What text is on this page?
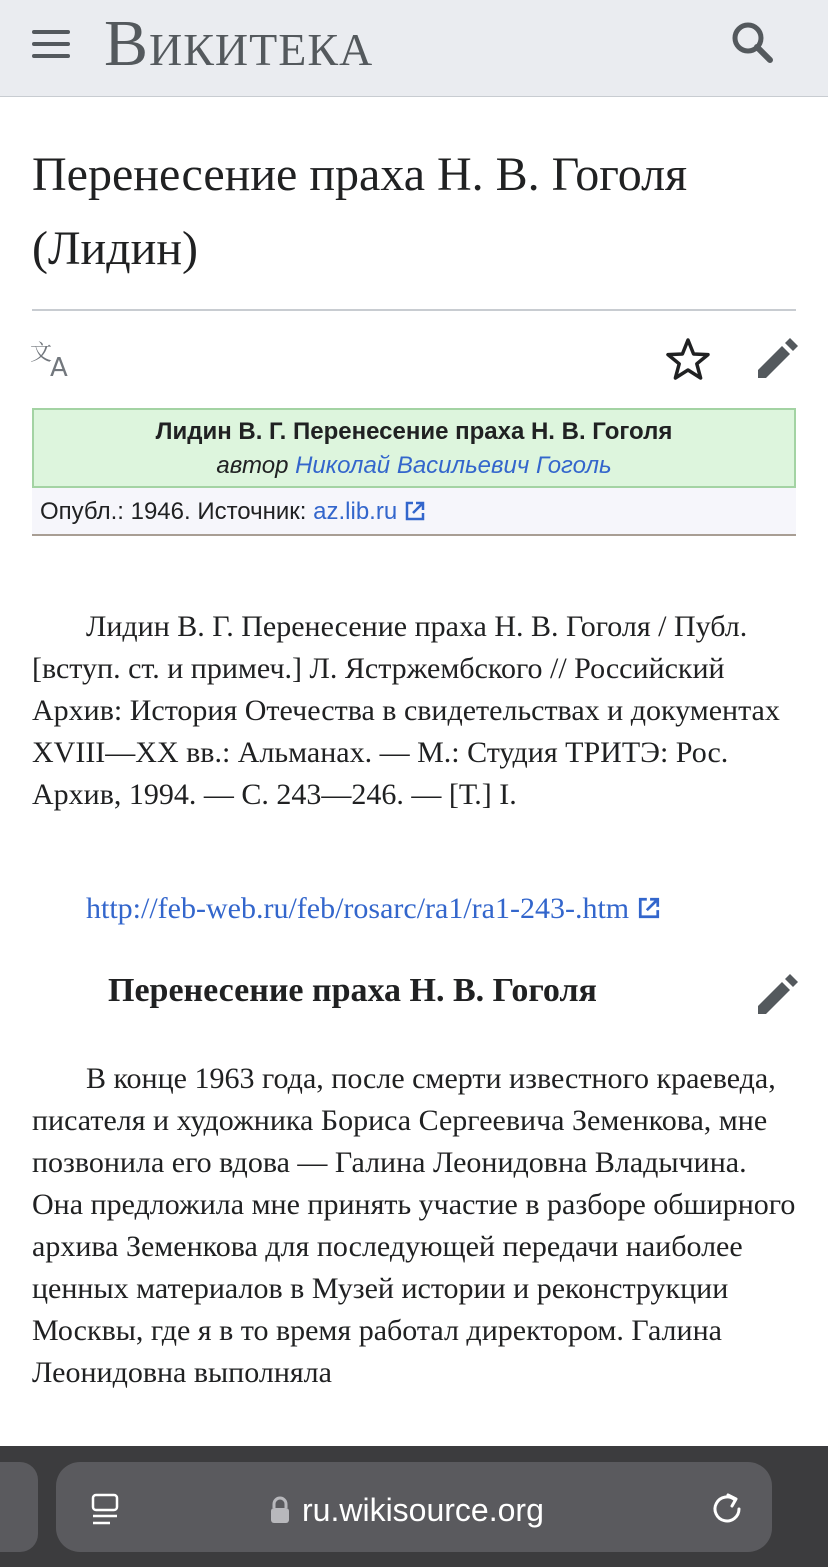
Викитека
Перенесение праха Н. В. Гоголя (Лидин)
文
A
Лидин В. Г. Перенесение праха Н. В. Гоголя
автор Николай Васильевич Гоголь
Опубл.: 1946. Источник: az.lib.ru

Лидин В. Г. Перенесение праха Н. В. Гоголя / Публ. [вступ. ст. и примеч.] Л. Ястржембского // Российский Архив: История Отечества в свидетельствах и документах XVIII—XX вв.: Альманах. — М.: Студия ТРИТЭ: Рос. Архив, 1994. — С. 243—246. — [Т.] I.

http://feb-web.ru/feb/rosarc/ra1/ra1-243-.htm
Перенесение праха Н. В. Гоголя

В конце 1963 года, после смерти известного краеведа, писателя и художника Бориса Сергеевича Земенкова, мне позвонила его вдова — Галина Леонидовна Владычина. Она предложила мне принять участие в разборе обширного архива Земенкова для последующей передачи наиболее ценных материалов в Музей истории и реконструкции Москвы, где я в то время работал директором. Галина Леонидовна выполняла

ru.wikisource.org
